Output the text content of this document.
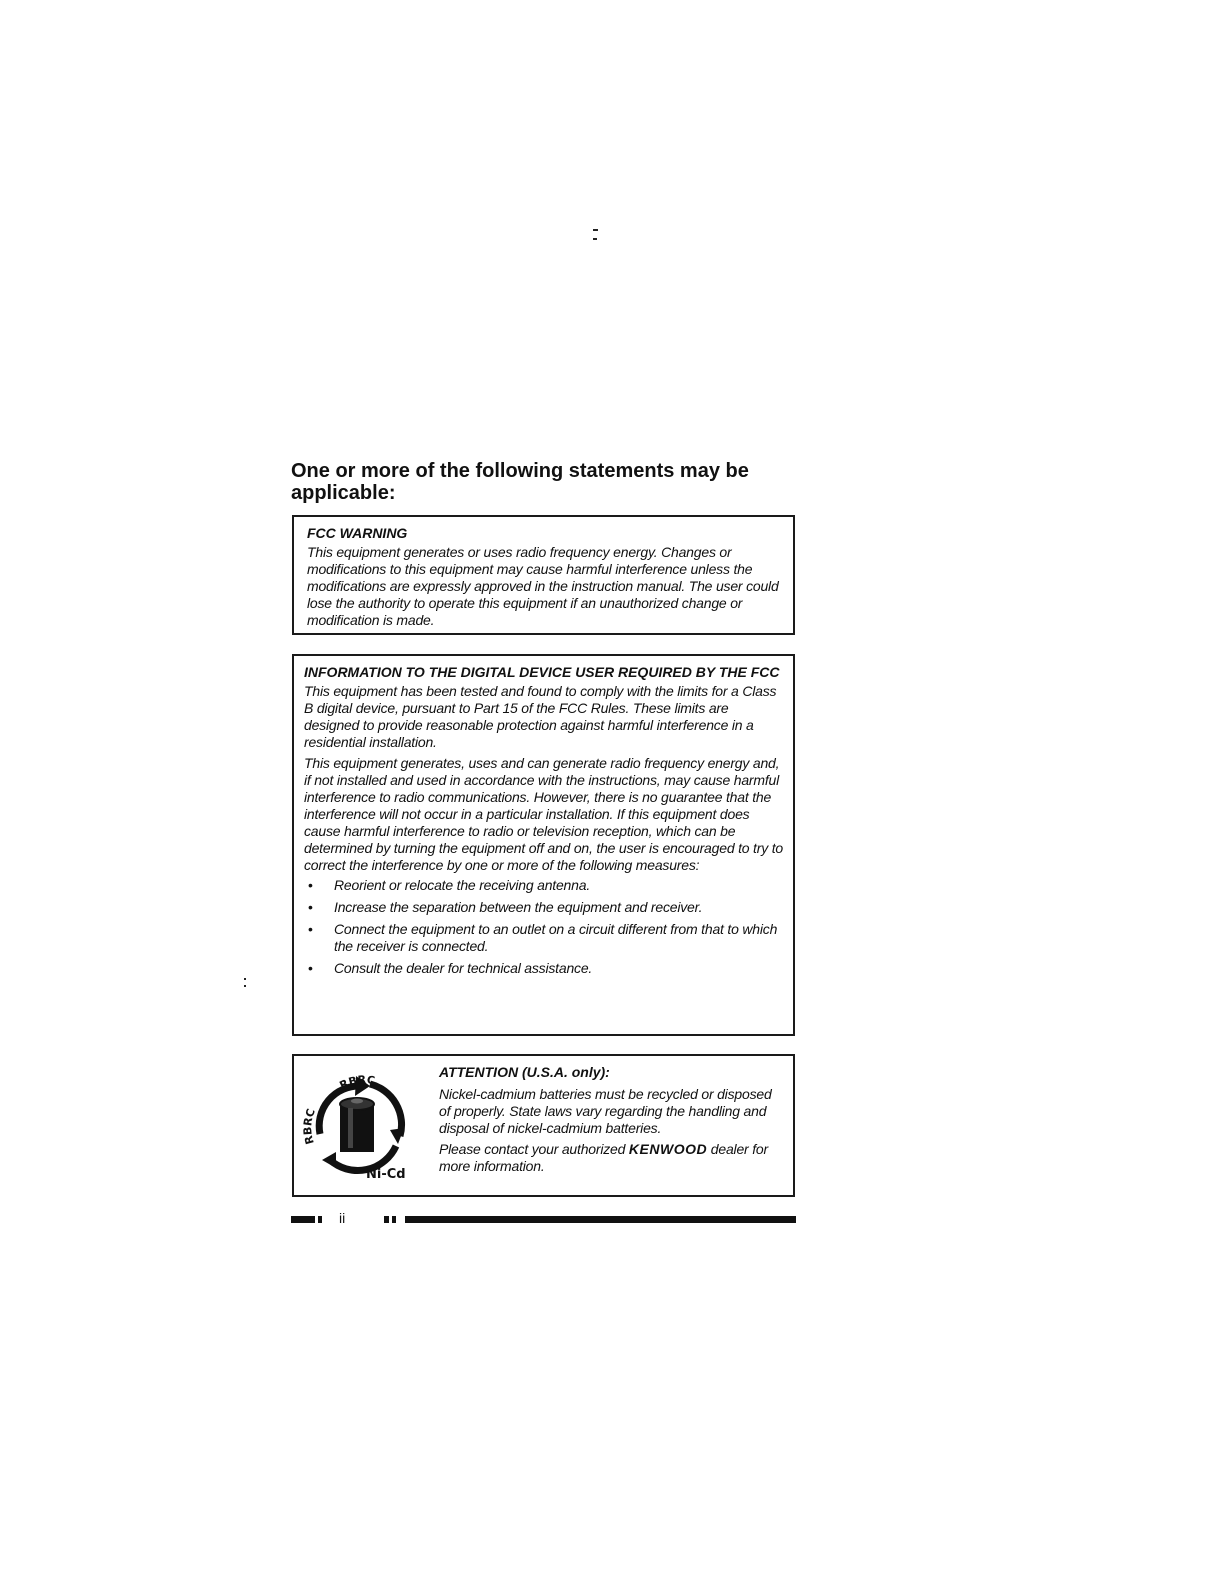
One or more of the following statements may be applicable:

FCC WARNING

This equipment generates or uses radio frequency energy. Changes or modifications to this equipment may cause harmful interference unless the modifications are expressly approved in the instruction manual. The user could lose the authority to operate this equipment if an unauthorized change or modification is made.

INFORMATION TO THE DIGITAL DEVICE USER REQUIRED BY THE FCC

This equipment has been tested and found to comply with the limits for a Class B digital device, pursuant to Part 15 of the FCC Rules. These limits are designed to provide reasonable protection against harmful interference in a residential installation.

This equipment generates, uses and can generate radio frequency energy and, if not installed and used in accordance with the instructions, may cause harmful interference to radio communications. However, there is no guarantee that the interference will not occur in a particular installation. If this equipment does cause harmful interference to radio or television reception, which can be determined by turning the equipment off and on, the user is encouraged to try to correct the interference by one or more of the following measures:

• Reorient or relocate the receiving antenna.
• Increase the separation between the equipment and receiver.
• Connect the equipment to an outlet on a circuit different from that to which the receiver is connected.
• Consult the dealer for technical assistance.
RBRC
RBRC
Ni-Cd

ATTENTION (U.S.A. only):

Nickel-cadmium batteries must be recycled or disposed of properly. State laws vary regarding the handling and disposal of nickel-cadmium batteries.

Please contact your authorized KENWOOD dealer for more information.

ii
